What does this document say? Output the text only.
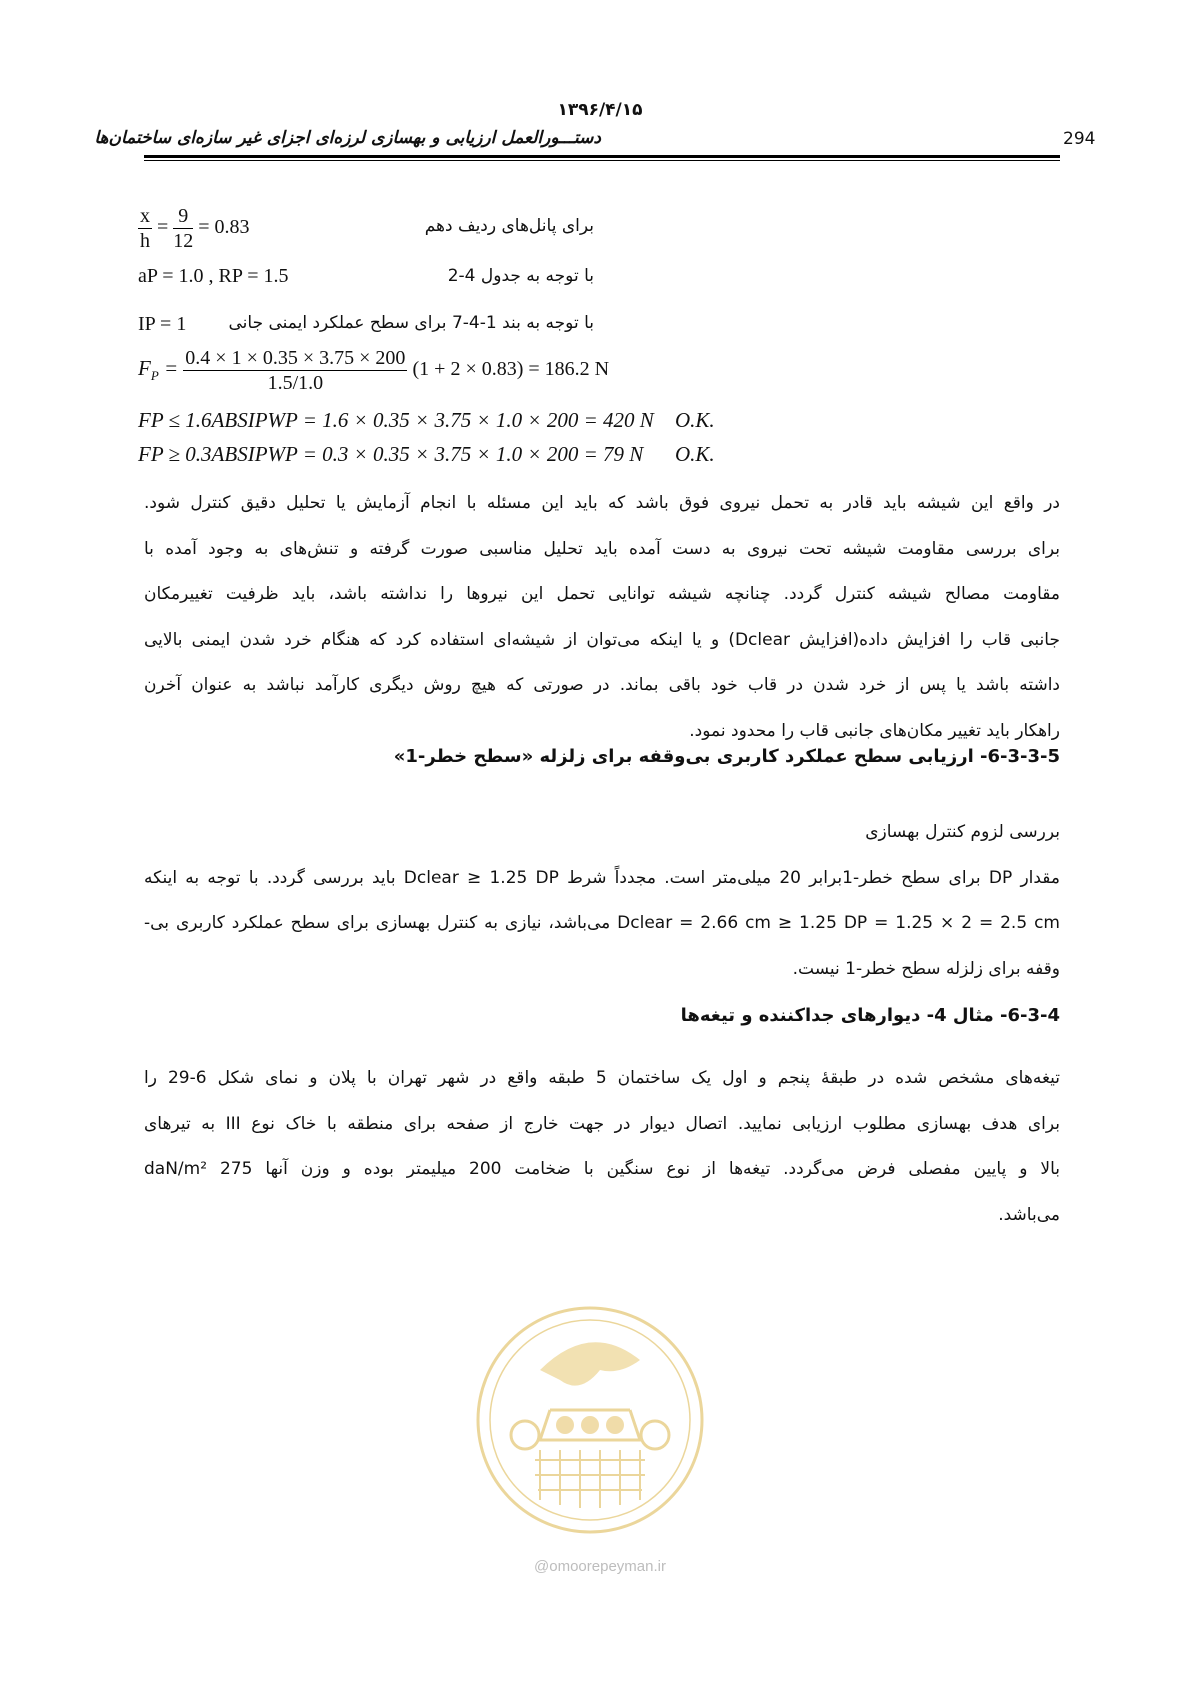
۱۳۹۶/۴/۱۵
دستـــورالعمل ارزیابی و بهسازی لرزه‌ای اجزای غیر سازه‌ای ساختمان‌ها	294
$\frac{x}{h} = \frac{9}{12} = 0.83$	برای پانل‌های ردیف دهم
aP = 1.0 , RP = 1.5	با توجه به جدول 4-2
IP = 1 با توجه به بند 1-4-7 برای سطح عملکرد ایمنی جانی
$F_P = \frac{0.4 \times 1 \times 0.35 \times 3.75 \times 200}{1.5/1.0} (1 + 2 \times 0.83) = 186.2$ N
FP ≤ 1.6ABSIPWP = 1.6 × 0.35 × 3.75 × 1.0 × 200 = 420 N O.K.
FP ≥ 0.3ABSIPWP = 0.3 × 0.35 × 3.75 × 1.0 × 200 = 79 N O.K.
در واقع این شیشه باید قادر به تحمل نیروی فوق باشد که باید این مسئله با انجام آزمایش یا تحلیل دقیق کنترل شود.
برای بررسی مقاومت شیشه تحت نیروی به دست آمده باید تحلیل مناسبی صورت گرفته و تنش‌های به وجود آمده با
مقاومت مصالح شیشه کنترل گردد. چنانچه شیشه توانایی تحمل این نیروها را نداشته باشد، باید ظرفیت تغییرمکان
جانبی قاب را افزایش داده(افزایش Dclear) و یا اینکه می‌توان از شیشه‌ای استفاده کرد که هنگام خرد شدن ایمنی بالایی
داشته باشد یا پس از خرد شدن در قاب خود باقی بماند. در صورتی که هیچ روش دیگری کارآمد نباشد به عنوان آخرن
راهکار باید تغییر مکان‌های جانبی قاب را محدود نمود.
6-3-3-5- ارزیابی سطح عملکرد کاربری بی‌وقفه برای زلزله «سطح خطر-1»
بررسی لزوم کنترل بهسازی
مقدار DP برای سطح خطر-1برابر 20 میلی‌متر است. مجدداً شرط Dclear ≥ 1.25 DP باید بررسی گردد. با توجه به اینکه
Dclear = 2.66 cm ≥ 1.25 DP = 1.25 × 2 = 2.5 cm می‌باشد، نیازی به کنترل بهسازی برای سطح عملکرد کاربری بی-
وقفه برای زلزله سطح خطر-1 نیست.
6-3-4- مثال 4- دیوارهای جداکننده و تیغه‌ها
تیغه‌های مشخص شده در طبقۀ پنجم و اول یک ساختمان 5 طبقه واقع در شهر تهران با پلان و نمای شکل 6-29 را
برای هدف بهسازی مطلوب ارزیابی نمایید. اتصال دیوار در جهت خارج از صفحه برای منطقه با خاک نوع III به تیرهای
بالا و پایین مفصلی فرض می‌گردد. تیغه‌ها از نوع سنگین با ضخامت 200 میلیمتر بوده و وزن آنها 275 daN/m²
می‌باشد.
@omoorepeyman.ir
